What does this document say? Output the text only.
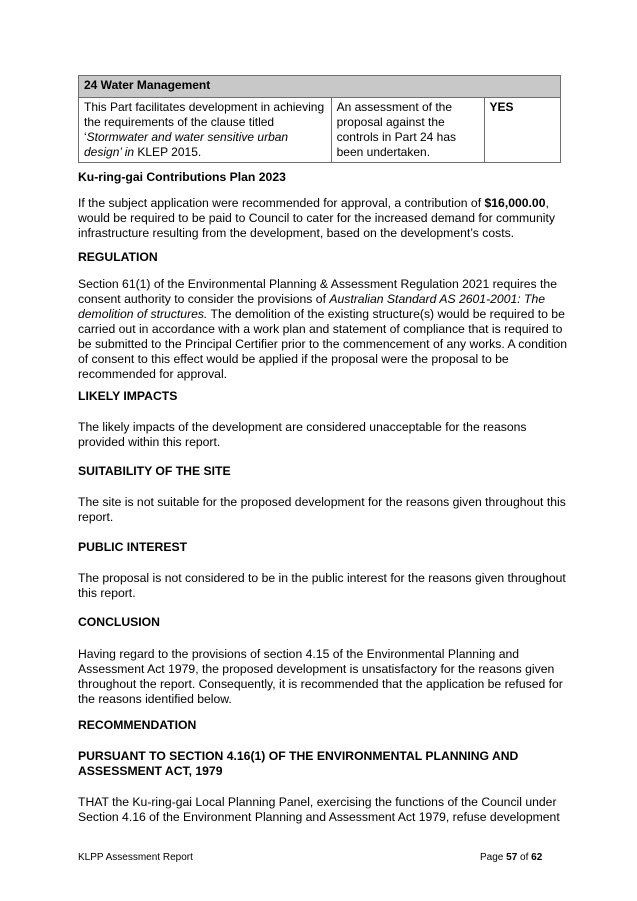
24 Water Management
This Part facilitates development in achieving the requirements of the clause titled ‘Stormwater and water sensitive urban design’ in KLEP 2015.	An assessment of the proposal against the controls in Part 24 has been undertaken.	YES
Ku-ring-gai Contributions Plan 2023

If the subject application were recommended for approval, a contribution of $16,000.00, would be required to be paid to Council to cater for the increased demand for community infrastructure resulting from the development, based on the development’s costs.

REGULATION

Section 61(1) of the Environmental Planning & Assessment Regulation 2021 requires the consent authority to consider the provisions of Australian Standard AS 2601-2001: The demolition of structures. The demolition of the existing structure(s) would be required to be carried out in accordance with a work plan and statement of compliance that is required to be submitted to the Principal Certifier prior to the commencement of any works. A condition of consent to this effect would be applied if the proposal were the proposal to be recommended for approval.

LIKELY IMPACTS

The likely impacts of the development are considered unacceptable for the reasons provided within this report.

SUITABILITY OF THE SITE

The site is not suitable for the proposed development for the reasons given throughout this report.

PUBLIC INTEREST

The proposal is not considered to be in the public interest for the reasons given throughout this report.

CONCLUSION

Having regard to the provisions of section 4.15 of the Environmental Planning and Assessment Act 1979, the proposed development is unsatisfactory for the reasons given throughout the report. Consequently, it is recommended that the application be refused for the reasons identified below.

RECOMMENDATION
PURSUANT TO SECTION 4.16(1) OF THE ENVIRONMENTAL PLANNING AND ASSESSMENT ACT, 1979

THAT the Ku-ring-gai Local Planning Panel, exercising the functions of the Council under Section 4.16 of the Environment Planning and Assessment Act 1979, refuse development

KLPP Assessment Report	Page 57 of 62
